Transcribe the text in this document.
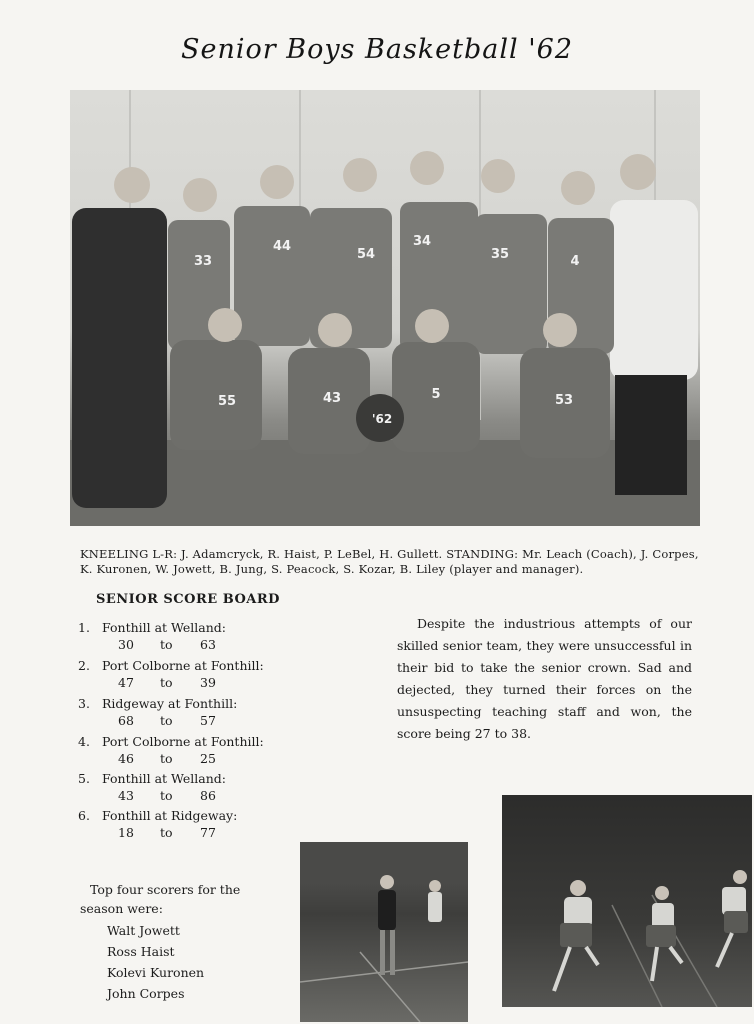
Senior Boys Basketball '62
33
44
54
34
35	4
55	43	5	53
'62
KNEELING L-R: J. Adamcryck, R. Haist, P. LeBel, H. Gullett. STANDING: Mr. Leach (Coach), J. Corpes, K. Kuronen, W. Jowett, B. Jung, S. Peacock, S. Kozar, B. Liley (player and manager).
SENIOR SCORE BOARD
1. Fonthill at Welland:
30 to 63
2. Port Colborne at Fonthill:
47 to 39
3. Ridgeway at Fonthill:
68 to 57
4. Port Colborne at Fonthill:
46 to 25
5. Fonthill at Welland:
43 to 86
6. Fonthill at Ridgeway:
18 to 77
Despite the industrious attempts of our skilled senior team, they were unsuccessful in their bid to take the senior crown. Sad and dejected, they turned their forces on the unsuspecting teaching staff and won, the score being 27 to 38.
Top four scorers for the season were:
Walt Jowett
Ross Haist
Kolevi Kuronen
John Corpes
